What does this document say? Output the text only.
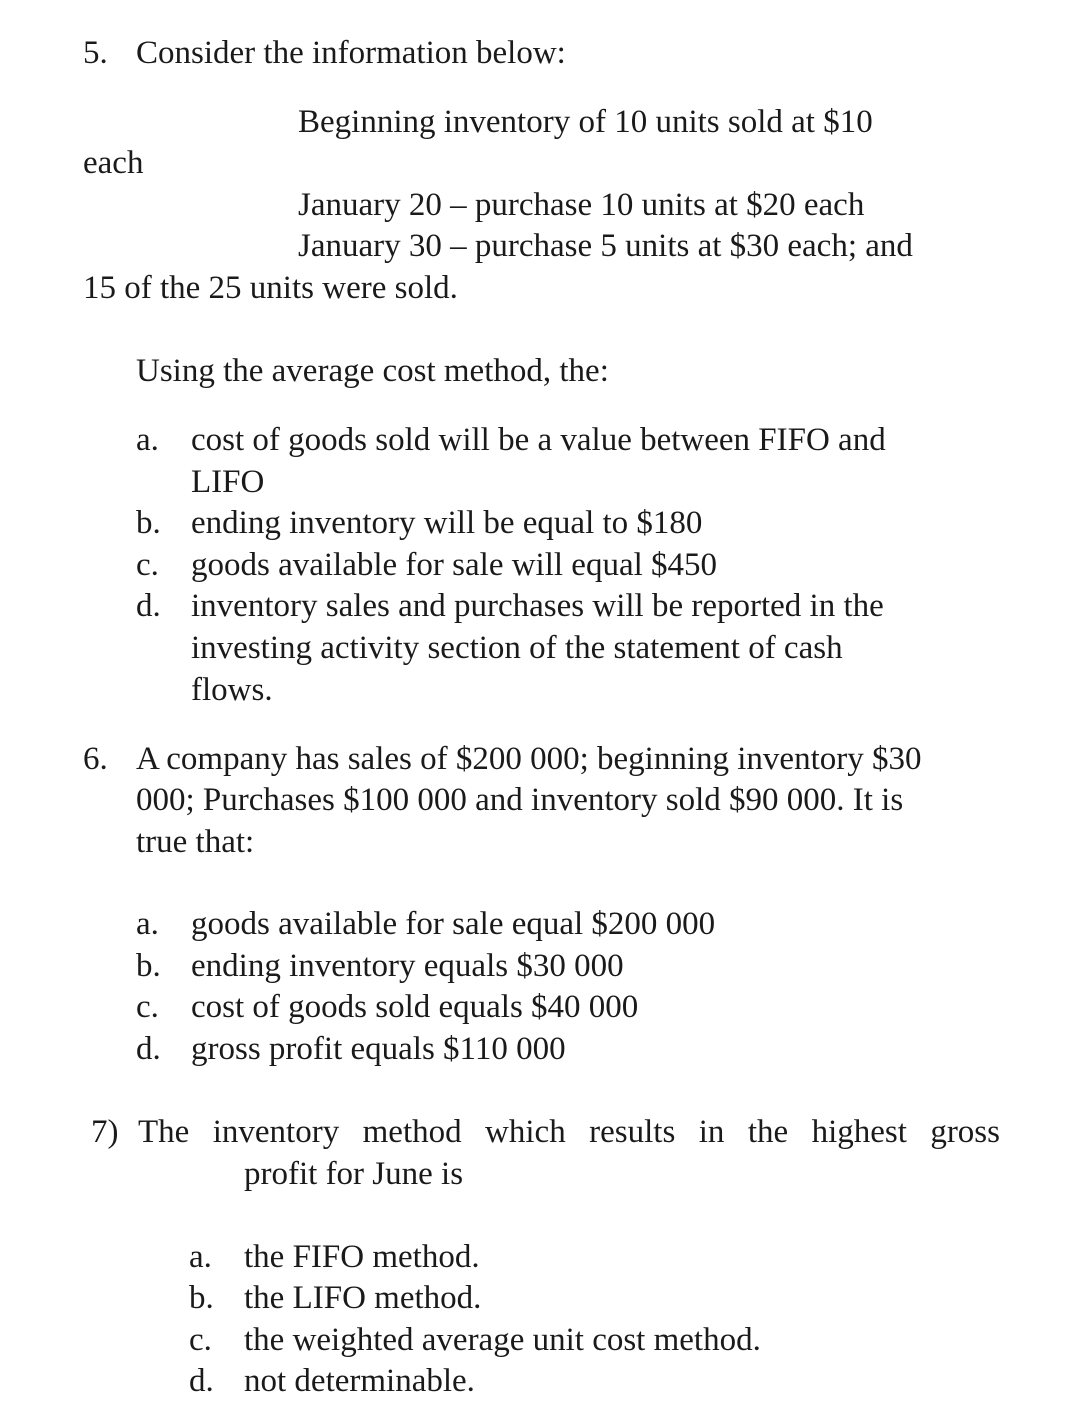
5. Consider the information below:
Beginning inventory of 10 units sold at $10
each
January 20 – purchase 10 units at $20 each
January 30 – purchase 5 units at $30 each; and
15 of the 25 units were sold.
Using the average cost method, the:
a. cost of goods sold will be a value between FIFO and
LIFO
b. ending inventory will be equal to $180
c. goods available for sale will equal $450
d. inventory sales and purchases will be reported in the
investing activity section of the statement of cash
flows.
6. A company has sales of $200 000; beginning inventory $30
000; Purchases $100 000 and inventory sold $90 000. It is
true that:
a. goods available for sale equal $200 000
b. ending inventory equals $30 000
c. cost of goods sold equals $40 000
d. gross profit equals $110 000
7) The inventory method which results in the highest gross
profit for June is
a. the FIFO method.
b. the LIFO method.
c. the weighted average unit cost method.
d. not determinable.
